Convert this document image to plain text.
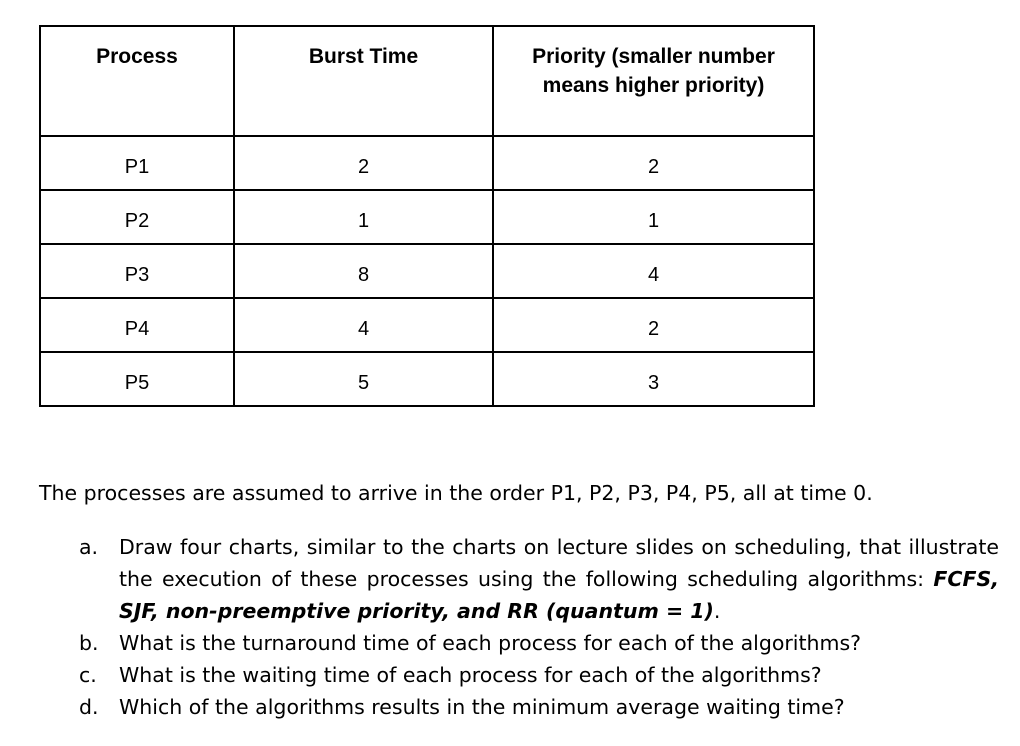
Process	Burst Time	Priority (smaller number means higher priority)
P1	2	2
P2	1	1
P3	8	4
P4	4	2
P5	5	3

The processes are assumed to arrive in the order P1, P2, P3, P4, P5, all at time 0.

a.	Draw four charts, similar to the charts on lecture slides on scheduling, that illustrate the execution of these processes using the following scheduling algorithms: FCFS, SJF, non-preemptive priority, and RR (quantum = 1).
b. What is the turnaround time of each process for each of the algorithms?
c.	What is the waiting time of each process for each of the algorithms?
d. Which of the algorithms results in the minimum average waiting time?
